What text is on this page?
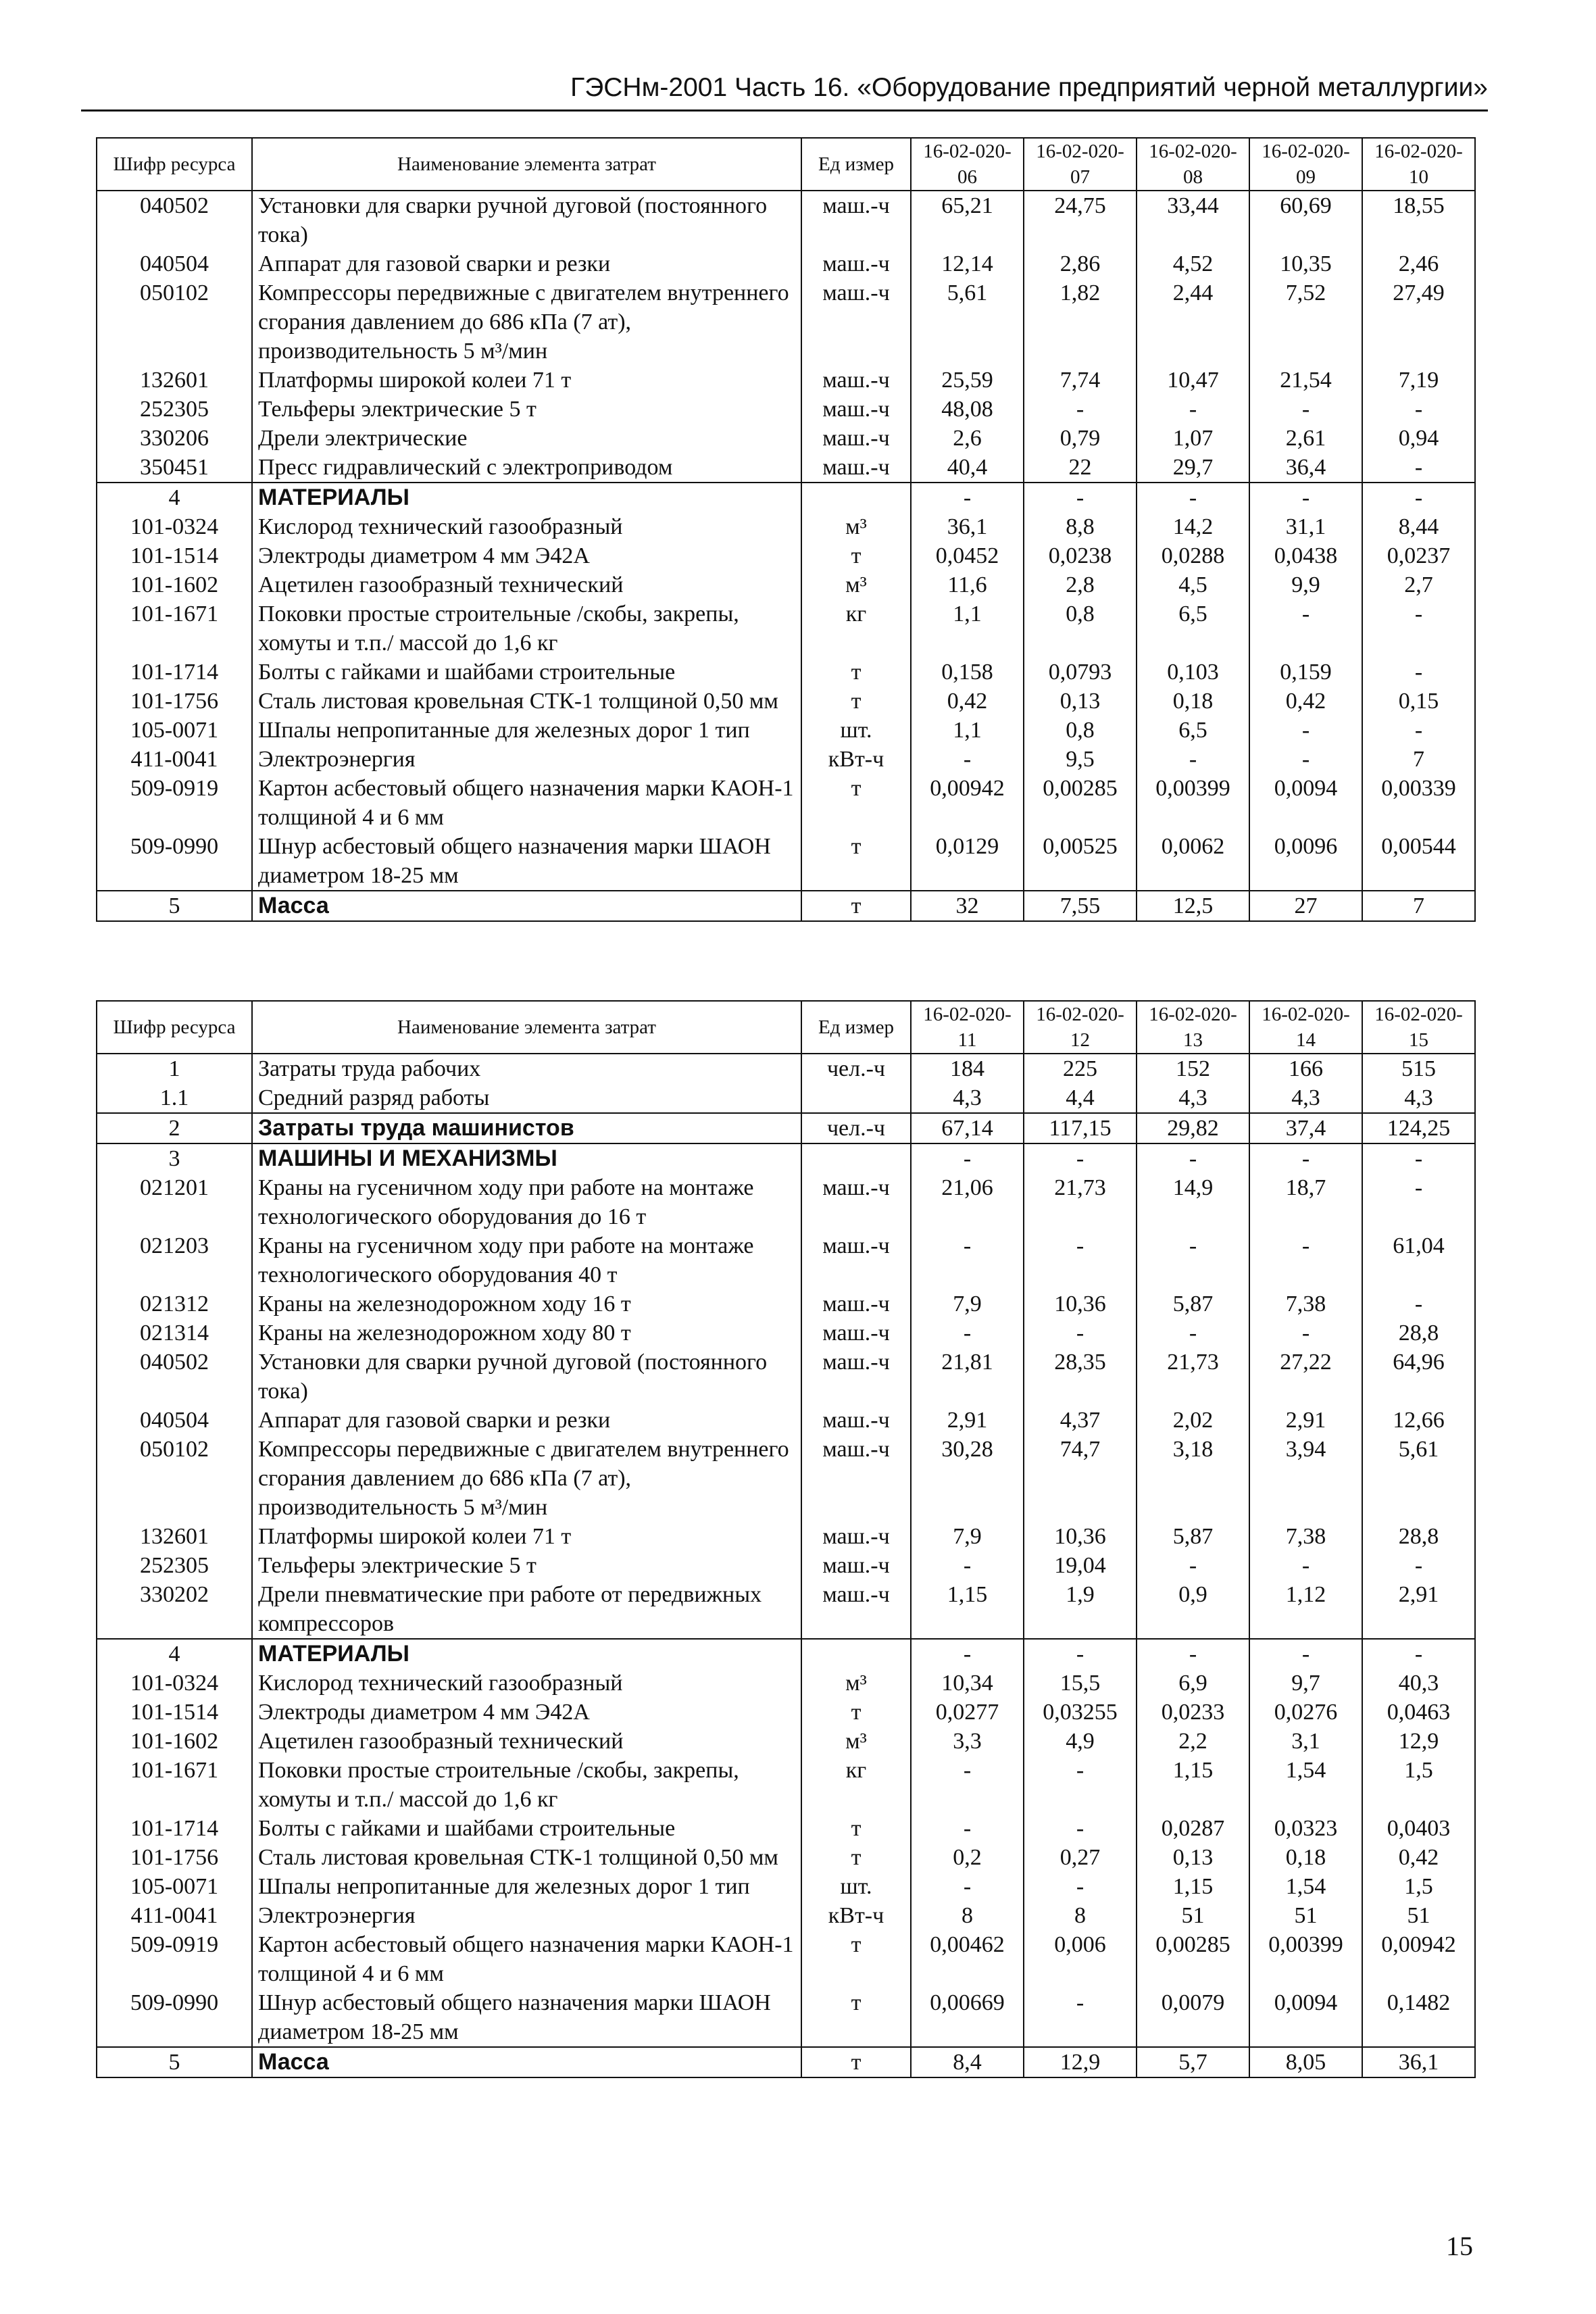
ГЭСНм-2001 Часть 16. «Оборудование предприятий черной металлургии»
Шифр ресурса	Наименование элемента затрат	Ед измер	16-02-020-06	16-02-020-07	16-02-020-08	16-02-020-09	16-02-020-10
040502	Установки для сварки ручной дуговой (постоянного тока)	маш.-ч	65,21	24,75	33,44	60,69	18,55
040504	Аппарат для газовой сварки и резки	маш.-ч	12,14	2,86	4,52	10,35	2,46
050102	Компрессоры передвижные с двигателем внутреннего сгорания давлением до 686 кПа (7 ат), производительность 5 м³/мин	маш.-ч	5,61	1,82	2,44	7,52	27,49
132601	Платформы широкой колеи 71 т	маш.-ч	25,59	7,74	10,47	21,54	7,19
252305	Тельферы электрические 5 т	маш.-ч	48,08	-	-	-	-
330206	Дрели электрические	маш.-ч	2,6	0,79	1,07	2,61	0,94
350451	Пресс гидравлический с электроприводом	маш.-ч	40,4	22	29,7	36,4	-
4	МАТЕРИАЛЫ		-	-	-	-	-
101-0324	Кислород технический газообразный	м³	36,1	8,8	14,2	31,1	8,44
101-1514	Электроды диаметром 4 мм Э42А	т	0,0452	0,0238	0,0288	0,0438	0,0237
101-1602	Ацетилен газообразный технический	м³	11,6	2,8	4,5	9,9	2,7
101-1671	Поковки простые строительные /скобы, закрепы, хомуты и т.п./ массой до 1,6 кг	кг	1,1	0,8	6,5	-	-
101-1714	Болты с гайками и шайбами строительные	т	0,158	0,0793	0,103	0,159	-
101-1756	Сталь листовая кровельная СТК-1 толщиной 0,50 мм	т	0,42	0,13	0,18	0,42	0,15
105-0071	Шпалы непропитанные для железных дорог 1 тип	шт.	1,1	0,8	6,5	-	-
411-0041	Электроэнергия	кВт-ч	-	9,5	-	-	7
509-0919	Картон асбестовый общего назначения марки КАОН-1 толщиной 4 и 6 мм	т	0,00942	0,00285	0,00399	0,0094	0,00339
509-0990	Шнур асбестовый общего назначения марки ШАОН диаметром 18-25 мм	т	0,0129	0,00525	0,0062	0,0096	0,00544
5	Масса	т	32	7,55	12,5	27	7
Шифр ресурса	Наименование элемента затрат	Ед измер	16-02-020-11	16-02-020-12	16-02-020-13	16-02-020-14	16-02-020-15
1	Затраты труда рабочих	чел.-ч	184	225	152	166	515
1.1	Средний разряд работы		4,3	4,4	4,3	4,3	4,3
2	Затраты труда машинистов	чел.-ч	67,14	117,15	29,82	37,4	124,25
3	МАШИНЫ И МЕХАНИЗМЫ		-	-	-	-	-
021201	Краны на гусеничном ходу при работе на монтаже технологического оборудования до 16 т	маш.-ч	21,06	21,73	14,9	18,7	-
021203	Краны на гусеничном ходу при работе на монтаже технологического оборудования 40 т	маш.-ч	-	-	-	-	61,04
021312	Краны на железнодорожном ходу 16 т	маш.-ч	7,9	10,36	5,87	7,38	-
021314	Краны на железнодорожном ходу 80 т	маш.-ч	-	-	-	-	28,8
040502	Установки для сварки ручной дуговой (постоянного тока)	маш.-ч	21,81	28,35	21,73	27,22	64,96
040504	Аппарат для газовой сварки и резки	маш.-ч	2,91	4,37	2,02	2,91	12,66
050102	Компрессоры передвижные с двигателем внутреннего сгорания давлением до 686 кПа (7 ат), производительность 5 м³/мин	маш.-ч	30,28	74,7	3,18	3,94	5,61
132601	Платформы широкой колеи 71 т	маш.-ч	7,9	10,36	5,87	7,38	28,8
252305	Тельферы электрические 5 т	маш.-ч	-	19,04	-	-	-
330202	Дрели пневматические при работе от передвижных компрессоров	маш.-ч	1,15	1,9	0,9	1,12	2,91
4	МАТЕРИАЛЫ		-	-	-	-	-
101-0324	Кислород технический газообразный	м³	10,34	15,5	6,9	9,7	40,3
101-1514	Электроды диаметром 4 мм Э42А	т	0,0277	0,03255	0,0233	0,0276	0,0463
101-1602	Ацетилен газообразный технический	м³	3,3	4,9	2,2	3,1	12,9
101-1671	Поковки простые строительные /скобы, закрепы, хомуты и т.п./ массой до 1,6 кг	кг	-	-	1,15	1,54	1,5
101-1714	Болты с гайками и шайбами строительные	т	-	-	0,0287	0,0323	0,0403
101-1756	Сталь листовая кровельная СТК-1 толщиной 0,50 мм	т	0,2	0,27	0,13	0,18	0,42
105-0071	Шпалы непропитанные для железных дорог 1 тип	шт.	-	-	1,15	1,54	1,5
411-0041	Электроэнергия	кВт-ч	8	8	51	51	51
509-0919	Картон асбестовый общего назначения марки КАОН-1 толщиной 4 и 6 мм	т	0,00462	0,006	0,00285	0,00399	0,00942
509-0990	Шнур асбестовый общего назначения марки ШАОН диаметром 18-25 мм	т	0,00669	-	0,0079	0,0094	0,1482
5	Масса	т	8,4	12,9	5,7	8,05	36,1
15
